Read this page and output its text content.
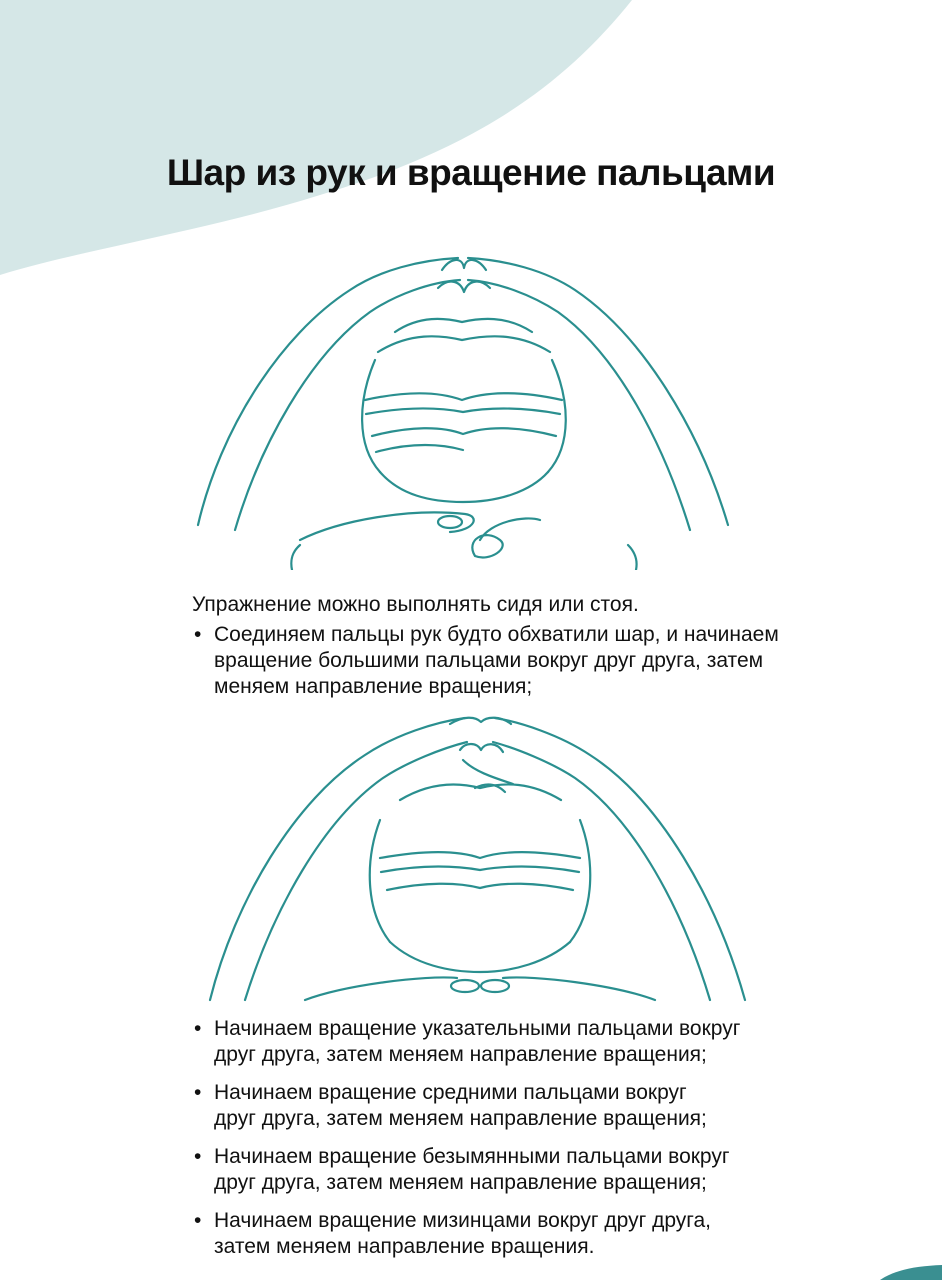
Шар из рук и вращение пальцами

Упражнение можно выполнять сидя или стоя.

• Соединяем пальцы рук будто обхватили шар, и начинаем
вращение большими пальцами вокруг друг друга, затем
меняем направление вращения;
• Начинаем вращение указательными пальцами вокруг
друг друга, затем меняем направление вращения;
• Начинаем вращение средними пальцами вокруг
друг друга, затем меняем направление вращения;
• Начинаем вращение безымянными пальцами вокруг
друг друга, затем меняем направление вращения;
• Начинаем вращение мизинцами вокруг друг друга,
затем меняем направление вращения.
